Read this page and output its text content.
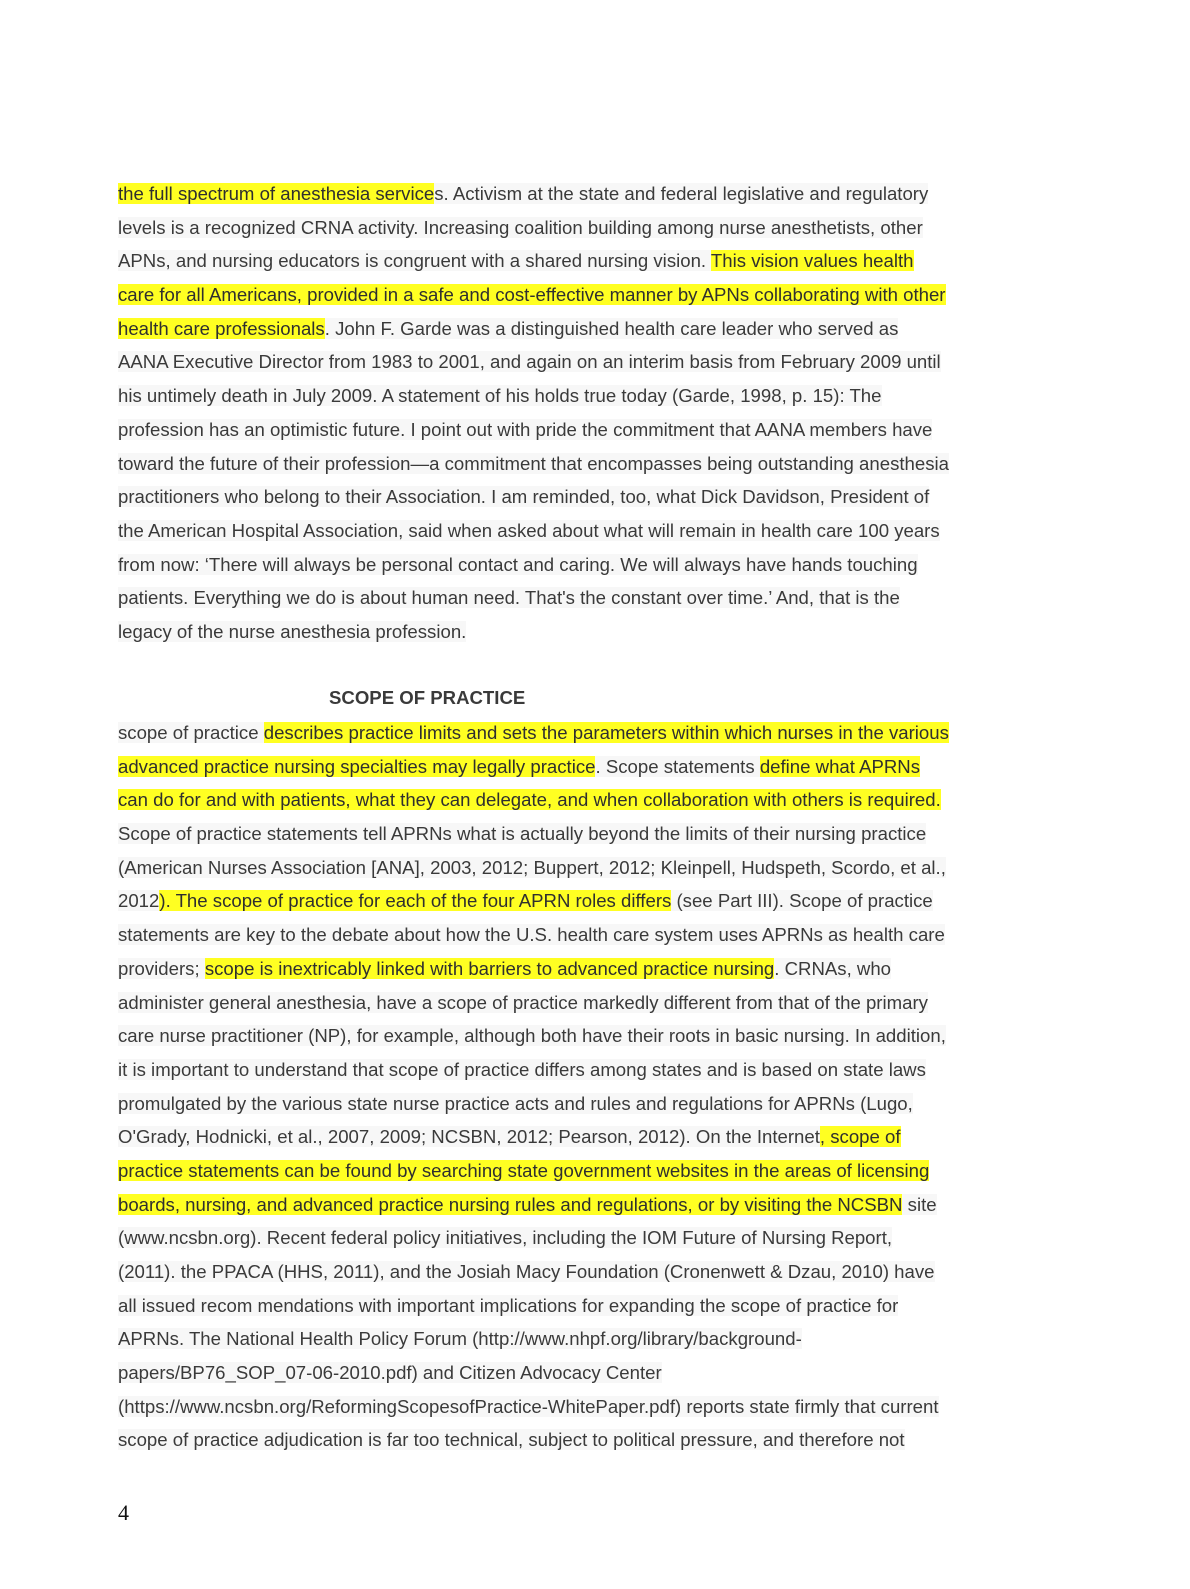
the full spectrum of anesthesia services. Activism at the state and federal legislative and regulatory
levels is a recognized CRNA activity. Increasing coalition building among nurse anesthetists, other
APNs, and nursing educators is congruent with a shared nursing vision. This vision values health
care for all Americans, provided in a safe and cost-effective manner by APNs collaborating with other
health care professionals. John F. Garde was a distinguished health care leader who served as
AANA Executive Director from 1983 to 2001, and again on an interim basis from February 2009 until
his untimely death in July 2009. A statement of his holds true today (Garde, 1998, p. 15): The
profession has an optimistic future. I point out with pride the commitment that AANA members have
toward the future of their profession—a commitment that encompasses being outstanding anesthesia
practitioners who belong to their Association. I am reminded, too, what Dick Davidson, President of
the American Hospital Association, said when asked about what will remain in health care 100 years
from now: ‘There will always be personal contact and caring. We will always have hands touching
patients. Everything we do is about human need. That's the constant over time.’ And, that is the
legacy of the nurse anesthesia profession.
SCOPE OF PRACTICE
scope of practice describes practice limits and sets the parameters within which nurses in the various
advanced practice nursing specialties may legally practice. Scope statements define what APRNs
can do for and with patients, what they can delegate, and when collaboration with others is required.
Scope of practice statements tell APRNs what is actually beyond the limits of their nursing practice
(American Nurses Association [ANA], 2003, 2012; Buppert, 2012; Kleinpell, Hudspeth, Scordo, et al.,
2012). The scope of practice for each of the four APRN roles differs (see Part III). Scope of practice
statements are key to the debate about how the U.S. health care system uses APRNs as health care
providers; scope is inextricably linked with barriers to advanced practice nursing. CRNAs, who
administer general anesthesia, have a scope of practice markedly different from that of the primary
care nurse practitioner (NP), for example, although both have their roots in basic nursing. In addition,
it is important to understand that scope of practice differs among states and is based on state laws
promulgated by the various state nurse practice acts and rules and regulations for APRNs (Lugo,
O'Grady, Hodnicki, et al., 2007, 2009; NCSBN, 2012; Pearson, 2012). On the Internet, scope of
practice statements can be found by searching state government websites in the areas of licensing
boards, nursing, and advanced practice nursing rules and regulations, or by visiting the NCSBN site
(www.ncsbn.org). Recent federal policy initiatives, including the IOM Future of Nursing Report,
(2011). the PPACA (HHS, 2011), and the Josiah Macy Foundation (Cronenwett & Dzau, 2010) have
all issued recom mendations with important implications for expanding the scope of practice for
APRNs. The National Health Policy Forum (http://www.nhpf.org/library/background-
papers/BP76_SOP_07-06-2010.pdf) and Citizen Advocacy Center
(https://www.ncsbn.org/ReformingScopesofPractice-WhitePaper.pdf) reports state firmly that current
scope of practice adjudication is far too technical, subject to political pressure, and therefore not
4
